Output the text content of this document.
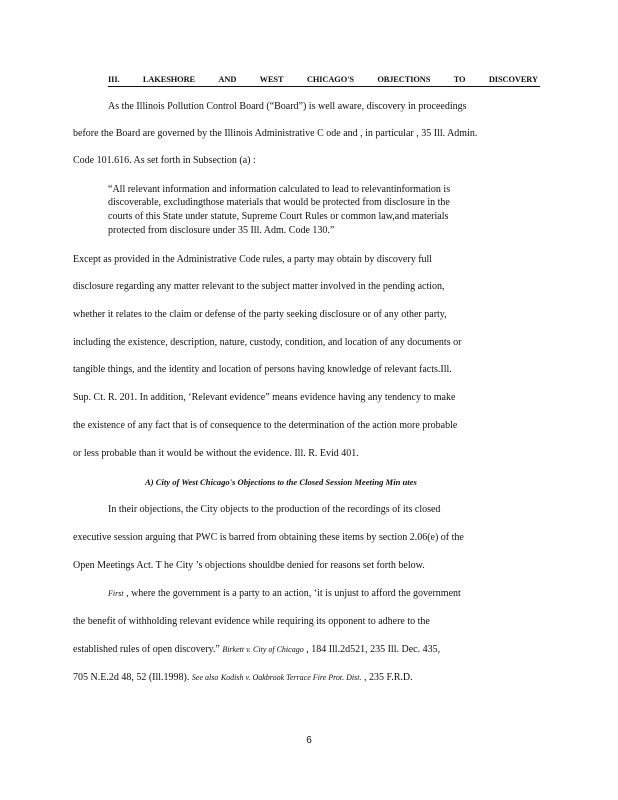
III.	LAKESHORE	AND	WEST	CHICAGO'S	OBJECTIONS	TO	DISCOVERY
As the Illinois Pollution Control Board (“Board”) is well aware, discovery in proceedings
before the Board are governed by the Illinois Administrative C ode and , in particular , 35 Ill. Admin.
Code 101.616. As set forth in Subsection (a) :
“All relevant information and information calculated to lead to relevantinformation is
discoverable, excludingthose materials that would be protected from disclosure in the
courts of this State under statute, Supreme Court Rules or common law,and materials
protected from disclosure under 35 Ill. Adm. Code 130.”
Except as provided in the Administrative Code rules, a party may obtain by discovery full
disclosure regarding any matter relevant to the subject matter involved in the pending action,
whether it relates to the claim or defense of the party seeking disclosure or of any other party,
including the existence, description, nature, custody, condition, and location of any documents or
tangible things, and the identity and location of persons having knowledge of relevant facts.Ill.
Sup. Ct. R. 201. In addition, ‘Relevant evidence” means evidence having any tendency to make
the existence of any fact that is of consequence to the determination of the action more probable
or less probable than it would be without the evidence. Ill. R. Evid 401.
A) City of West Chicago's Objections to the Closed Session Meeting Min utes
In their objections, the City objects to the production of the recordings of its closed
executive session arguing that PWC is barred from obtaining these items by section 2.06(e) of the
Open Meetings Act. T he City ’s objections shouldbe denied for reasons set forth below.
First , where the government is a party to an action, ‘it is unjust to afford the government
the benefit of withholding relevant evidence while requiring its opponent to adhere to the
established rules of open discovery.” Birkett v. City of Chicago , 184 Ill.2d521, 235 Ill. Dec. 435,
705 N.E.2d 48, 52 (Ill.1998). See also Kodish v. Oakbrook Terrace Fire Prot. Dist. , 235 F.R.D.
6
